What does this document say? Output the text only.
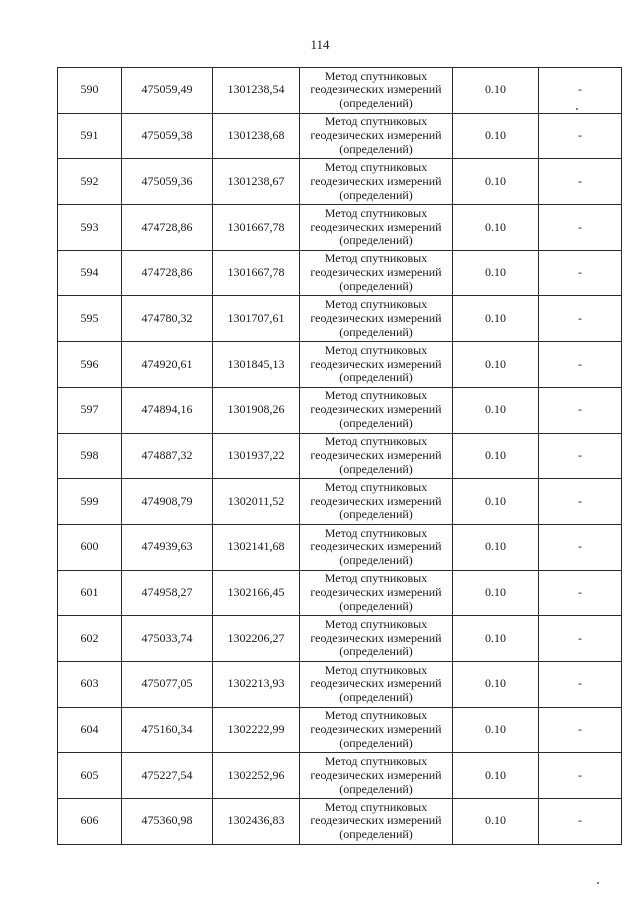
114
590	475059,49	1301238,54	Метод спутниковых
геодезических измерений
(определений)	0.10	-
591	475059,38	1301238,68	Метод спутниковых
геодезических измерений
(определений)	0.10	-
592	475059,36	1301238,67	Метод спутниковых
геодезических измерений
(определений)	0.10	-
593	474728,86	1301667,78	Метод спутниковых
геодезических измерений
(определений)	0.10	-
594	474728,86	1301667,78	Метод спутниковых
геодезических измерений
(определений)	0.10	-
595	474780,32	1301707,61	Метод спутниковых
геодезических измерений
(определений)	0.10	-
596	474920,61	1301845,13	Метод спутниковых
геодезических измерений
(определений)	0.10	-
597	474894,16	1301908,26	Метод спутниковых
геодезических измерений
(определений)	0.10	-
598	474887,32	1301937,22	Метод спутниковых
геодезических измерений
(определений)	0.10	-
599	474908,79	1302011,52	Метод спутниковых
геодезических измерений
(определений)	0.10	-
600	474939,63	1302141,68	Метод спутниковых
геодезических измерений
(определений)	0.10	-
601	474958,27	1302166,45	Метод спутниковых
геодезических измерений
(определений)	0.10	-
602	475033,74	1302206,27	Метод спутниковых
геодезических измерений
(определений)	0.10	-
603	475077,05	1302213,93	Метод спутниковых
геодезических измерений
(определений)	0.10	-
604	475160,34	1302222,99	Метод спутниковых
геодезических измерений
(определений)	0.10	-
605	475227,54	1302252,96	Метод спутниковых
геодезических измерений
(определений)	0.10	-
606	475360,98	1302436,83	Метод спутниковых
геодезических измерений
(определений)	0.10	-
